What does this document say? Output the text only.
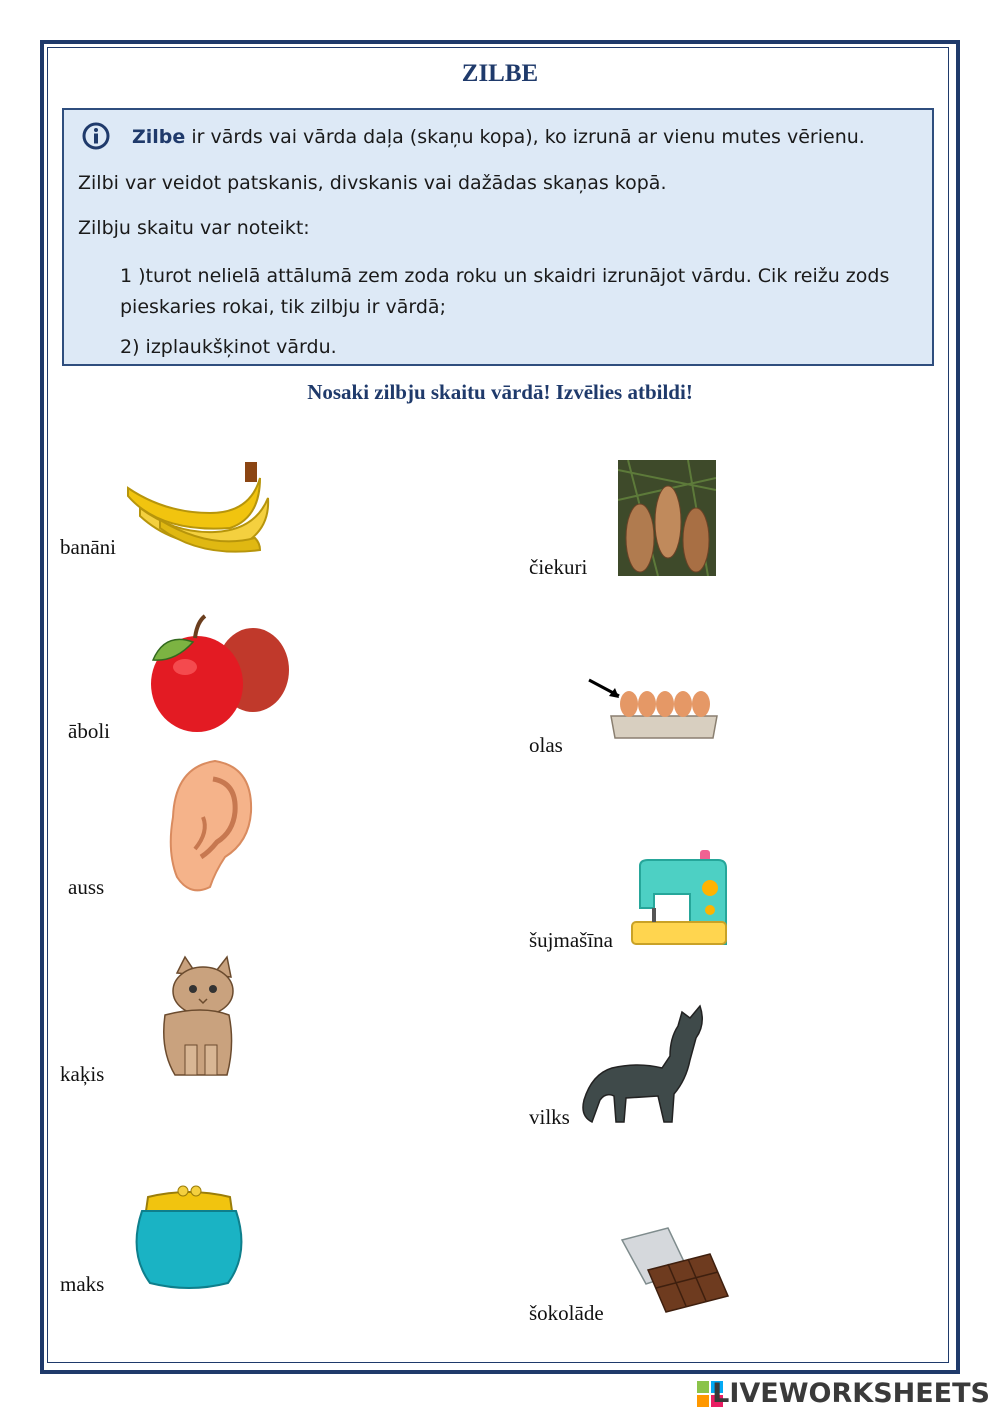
ZILBE
Zilbe ir vārds vai vārda daļa (skaņu kopa), ko izrunā ar vienu mutes vērienu.
Zilbi var veidot patskanis, divskanis vai dažādas skaņas kopā.
Zilbju skaitu var noteikt:
1 )turot nelielā attālumā zem zoda roku un skaidri izrunājot vārdu. Cik reižu zods pieskaries rokai, tik zilbju ir vārdā;
2) izplaukšķinot vārdu.
Nosaki zilbju skaitu vārdā! Izvēlies atbildi!
banāni
āboli
auss
kaķis
maks
čiekuri
olas
šujmašīna
vilks
šokolāde
LIVEWORKSHEETS
